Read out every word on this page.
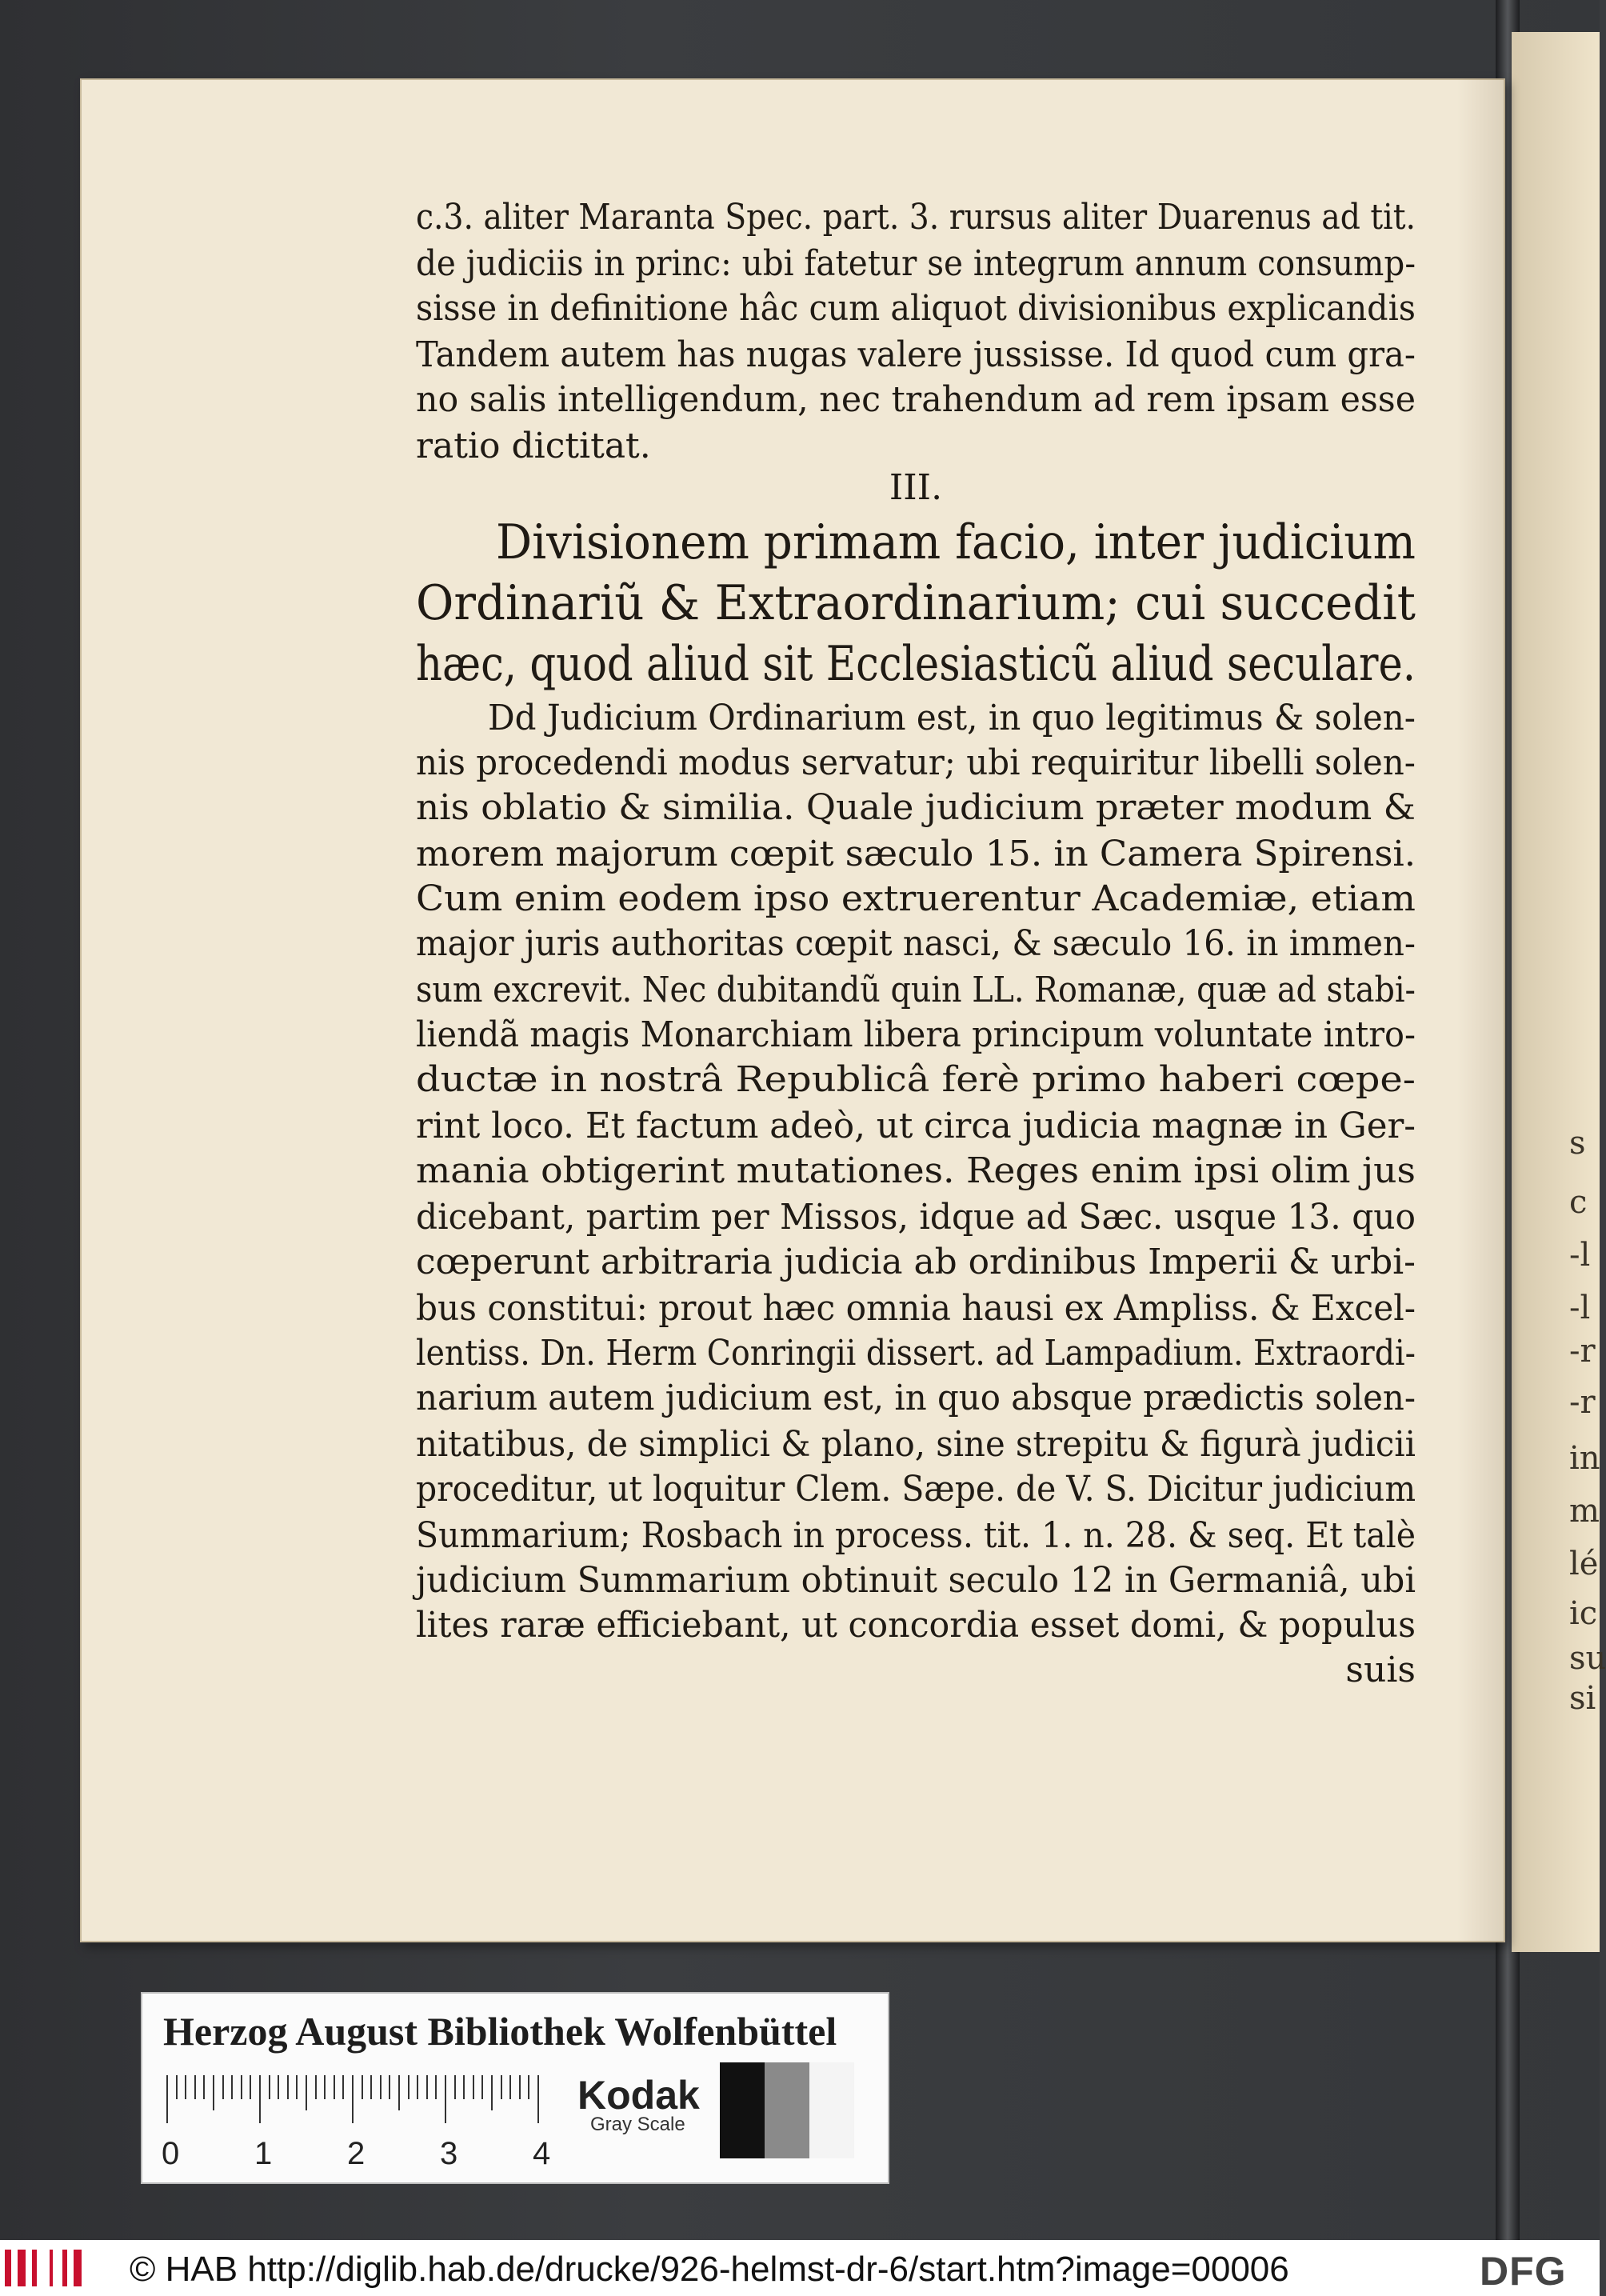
s
c
-l
-l
-r
-r
in
m
lé
ic
su
si
c.3. aliter Maranta Spec. part. 3. rursus aliter Duarenus ad tit.
de judiciis in princ: ubi fatetur se integrum annum consump-
sisse in definitione hâc cum aliquot divisionibus explicandis
Tandem autem has nugas valere jussisse. Id quod cum gra-
no salis intelligendum, nec trahendum ad rem ipsam esse
ratio dictitat.
III.
Divisionem primam facio, inter judicium
Ordinariũ & Extraordinarium; cui succedit
hæc, quod aliud sit Ecclesiasticũ aliud seculare.
Dd Judicium Ordinarium est, in quo legitimus & solen-
nis procedendi modus servatur; ubi requiritur libelli solen-
nis oblatio & similia. Quale judicium præter modum &
morem majorum cœpit sæculo 15. in Camera Spirensi.
Cum enim eodem ipso extruerentur Academiæ, etiam
major juris authoritas cœpit nasci, & sæculo 16. in immen-
sum excrevit. Nec dubitandũ quin LL. Romanæ, quæ ad stabi-
liendã magis Monarchiam libera principum voluntate intro-
ductæ in nostrâ Republicâ ferè primo haberi cœpe-
rint loco. Et factum adeò, ut circa judicia magnæ in Ger-
mania obtigerint mutationes. Reges enim ipsi olim jus
dicebant, partim per Missos, idque ad Sæc. usque 13. quo
cœperunt arbitraria judicia ab ordinibus Imperii & urbi-
bus constitui: prout hæc omnia hausi ex Ampliss. & Excel-
lentiss. Dn. Herm Conringii dissert. ad Lampadium. Extraordi-
narium autem judicium est, in quo absque prædictis solen-
nitatibus, de simplici & plano, sine strepitu & figurà judicii
proceditur, ut loquitur Clem. Sæpe. de V. S. Dicitur judicium
Summarium; Rosbach in process. tit. 1. n. 28. & seq. Et talè
judicium Summarium obtinuit seculo 12 in Germaniâ, ubi
lites raræ efficiebant, ut concordia esset domi, & populus
suis
Herzog August Bibliothek Wolfenbüttel
0 1 2 3 4
Kodak
Gray Scale
© HAB http://diglib.hab.de/drucke/926-helmst-dr-6/start.htm?image=00006	DFG
